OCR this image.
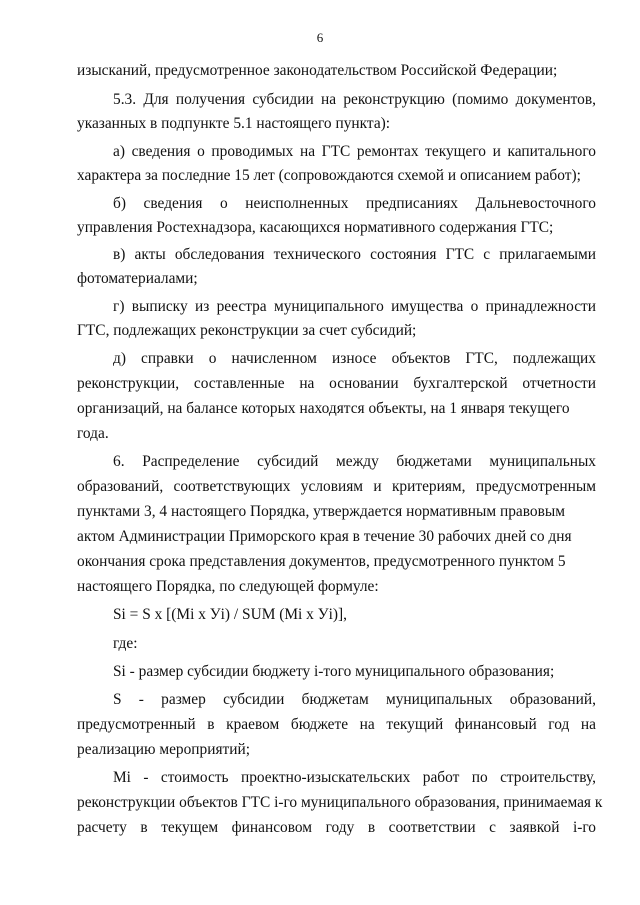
6
изысканий, предусмотренное законодательством Российской Федерации;
5.3. Для получения субсидии на реконструкцию (помимо документов,
указанных в подпункте 5.1 настоящего пункта):
а) сведения о проводимых на ГТС ремонтах текущего и капитального
характера за последние 15 лет (сопровождаются схемой и описанием работ);
б) сведения о неисполненных предписаниях Дальневосточного
управления Ростехнадзора, касающихся нормативного содержания ГТС;
в) акты обследования технического состояния ГТС с прилагаемыми
фотоматериалами;
г) выписку из реестра муниципального имущества о принадлежности
ГТС, подлежащих реконструкции за счет субсидий;
д) справки о начисленном износе объектов ГТС, подлежащих
реконструкции, составленные на основании бухгалтерской отчетности
организаций, на балансе которых находятся объекты, на 1 января текущего
года.
6. Распределение субсидий между бюджетами муниципальных
образований, соответствующих условиям и критериям, предусмотренным
пунктами 3, 4 настоящего Порядка, утверждается нормативным правовым
актом Администрации Приморского края в течение 30 рабочих дней со дня
окончания срока представления документов, предусмотренного пунктом 5
настоящего Порядка, по следующей формуле:
Si = S x [(Mi x Уi) / SUM (Mi x Уi)],
где:
Si - размер субсидии бюджету i-того муниципального образования;
S - размер субсидии бюджетам муниципальных образований,
предусмотренный в краевом бюджете на текущий финансовый год на
реализацию мероприятий;
Mi - стоимость проектно-изыскательских работ по строительству,
реконструкции объектов ГТС i-го муниципального образования, принимаемая к
расчету в текущем финансовом году в соответствии с заявкой i-го
